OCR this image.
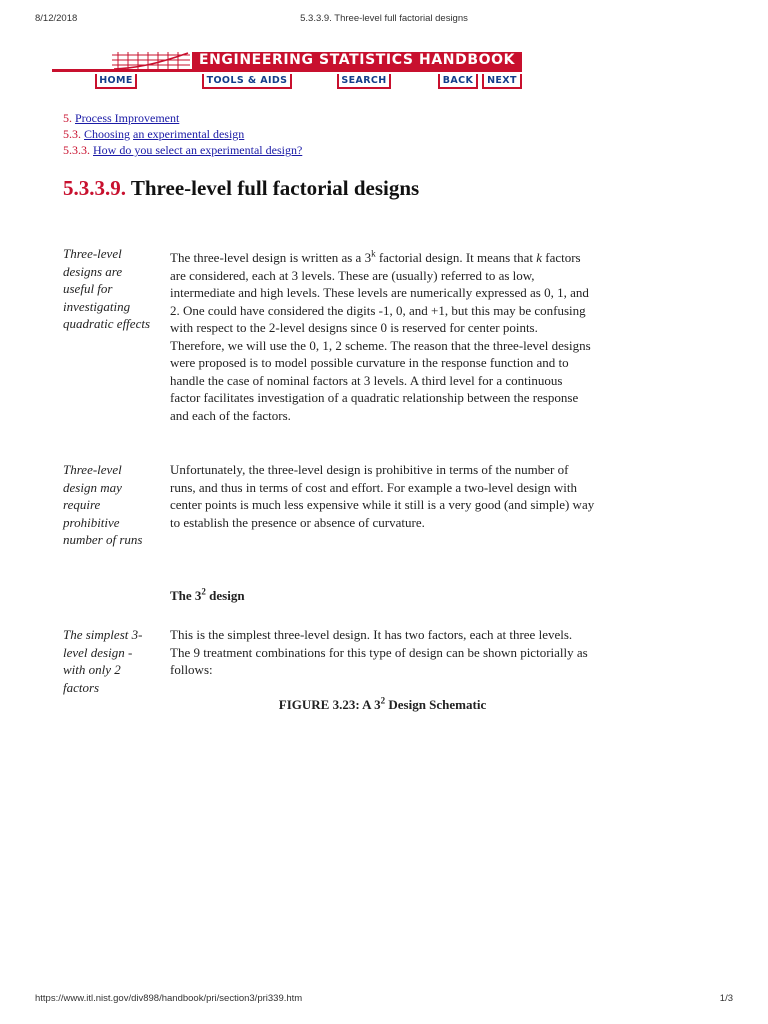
8/12/2018	5.3.3.9. Three-level full factorial designs
ENGINEERING STATISTICS HANDBOOK
HOME	TOOLS & AIDS	SEARCH	BACK	NEXT
5. Process Improvement
5.3. Choosing an experimental design
5.3.3. How do you select an experimental design?
5.3.3.9. Three-level full factorial designs
Three-level designs are useful for investigating quadratic effects
The three-level design is written as a 3$^k$ factorial design. It means that k factors are considered, each at 3 levels. These are (usually) referred to as low, intermediate and high levels. These levels are numerically expressed as 0, 1, and 2. One could have considered the digits -1, 0, and +1, but this may be confusing with respect to the 2-level designs since 0 is reserved for center points. Therefore, we will use the 0, 1, 2 scheme. The reason that the three-level designs were proposed is to model possible curvature in the response function and to handle the case of nominal factors at 3 levels. A third level for a continuous factor facilitates investigation of a quadratic relationship between the response and each of the factors.
Three-level design may require prohibitive number of runs
Unfortunately, the three-level design is prohibitive in terms of the number of runs, and thus in terms of cost and effort. For example a two-level design with center points is much less expensive while it still is a very good (and simple) way to establish the presence or absence of curvature.
The $3^2$ design
The simplest 3-level design - with only 2 factors
This is the simplest three-level design. It has two factors, each at three levels. The 9 treatment combinations for this type of design can be shown pictorially as follows:
FIGURE 3.23: A $3^2$ Design Schematic
https://www.itl.nist.gov/div898/handbook/pri/section3/pri339.htm	1/3
